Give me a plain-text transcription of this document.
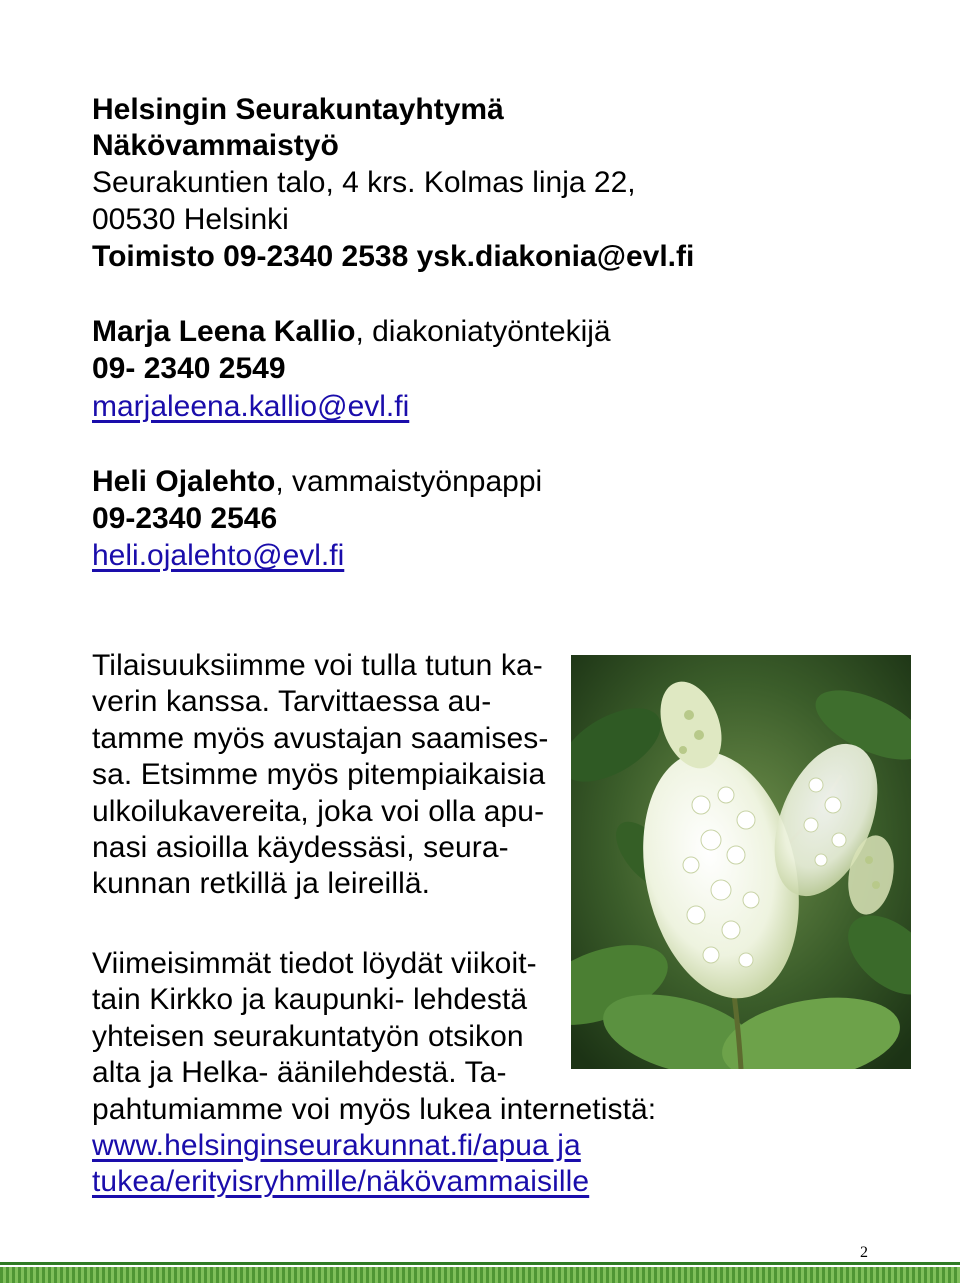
Helsingin Seurakuntayhtymä
Näkövammaistyö
Seurakuntien talo, 4 krs. Kolmas linja 22,
00530 Helsinki
Toimisto 09-2340 2538 ysk.diakonia@evl.fi
Marja Leena Kallio, diakoniatyöntekijä
09- 2340 2549
marjaleena.kallio@evl.fi
Heli Ojalehto, vammaistyönpappi
09-2340 2546
heli.ojalehto@evl.fi
Tilaisuuksiimme voi tulla tutun ka-
verin kanssa. Tarvittaessa au-
tamme myös avustajan saamises-
sa. Etsimme myös pitempiaikaisia
ulkoilukavereita, joka voi olla apu-
nasi asioilla käydessäsi, seura-
kunnan retkillä ja leireillä.
Viimeisimmät tiedot löydät viikoit-
tain Kirkko ja kaupunki- lehdestä
yhteisen seurakuntatyön otsikon
alta ja Helka- äänilehdestä. Ta-
pahtumiamme voi myös lukea internetistä:
www.helsinginseurakunnat.fi/apua ja
tukea/erityisryhmille/näkövammaisille
2
